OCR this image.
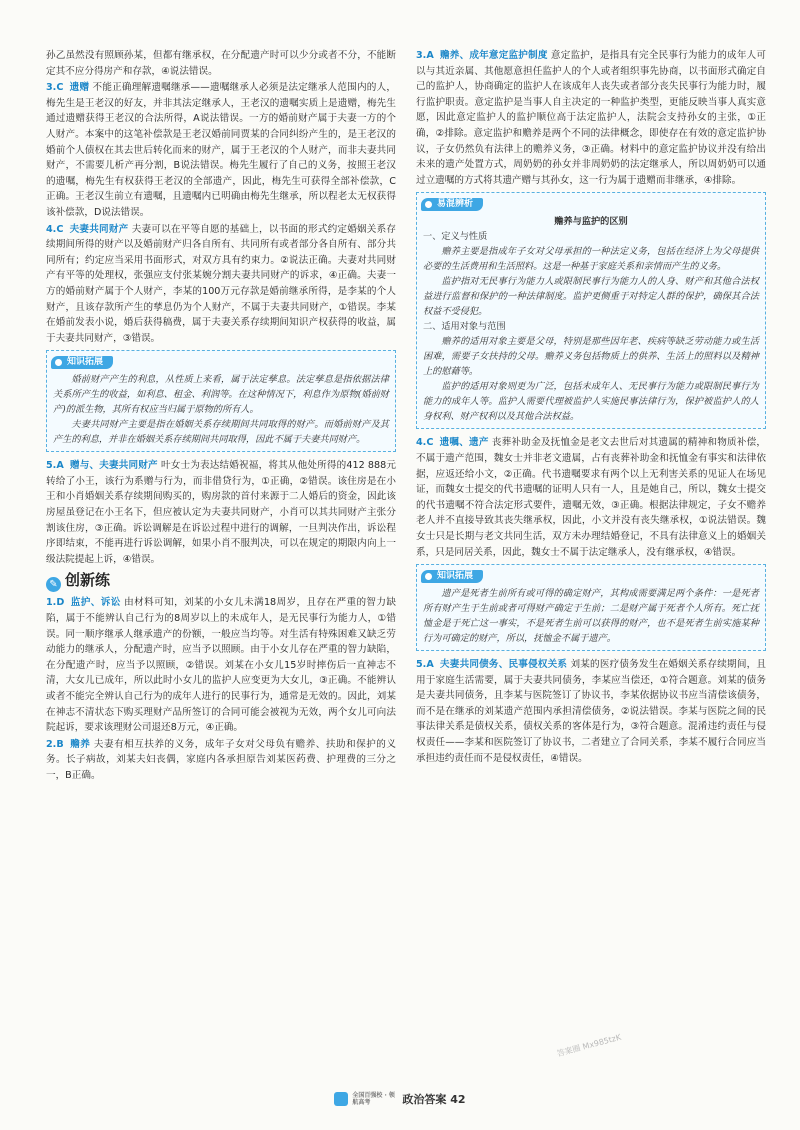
孙乙虽然没有照顾孙某，但都有继承权，在分配遗产时可以少分或者不分，不能断定其不应分得房产和存款，④说法错误。

3.C 遗赠 不能正确理解遗嘱继承——遗嘱继承人必须是法定继承人范围内的人，梅先生是王老汉的好友，并非其法定继承人，王老汉的遗嘱实质上是遗赠，梅先生通过遗赠获得王老汉的合法所得，A说法错误。一方的婚前财产属于夫妻一方的个人财产。本案中的这笔补偿款是王老汉婚前同贾某的合同纠纷产生的，是王老汉的婚前个人债权在其去世后转化而来的财产，属于王老汉的个人财产，而非夫妻共同财产，不需要儿析产再分割，B说法错误。梅先生履行了自己的义务，按照王老汉的遗嘱，梅先生有权获得王老汉的全部遗产，因此，梅先生可获得全部补偿款，C正确。王老汉生前立有遗嘱，且遗嘱内已明确由梅先生继承，所以程老太无权获得该补偿款，D说法错误。

4.C 夫妻共同财产 夫妻可以在平等自愿的基础上，以书面的形式约定婚姻关系存续期间所得的财产以及婚前财产归各自所有、共同所有或者部分各自所有、部分共同所有；约定应当采用书面形式，对双方具有约束力。②说法正确。夫妻对共同财产有平等的处理权，张强应支付张某婉分割夫妻共同财产的诉求，④正确。夫妻一方的婚前财产属于个人财产，李某的100万元存款是婚前继承所得，是李某的个人财产，且该存款所产生的孳息仍为个人财产，不属于夫妻共同财产，①错误。李某在婚前发表小说，婚后获得稿费，属于夫妻关系存续期间知识产权获得的收益，属于夫妻共同财产，③错误。

知识拓展

婚前财产产生的利息，从性质上来看，属于法定孳息。法定孳息是指依据法律关系所产生的收益，如利息、租金、利润等。在这种情况下，利息作为原物(婚前财产)的派生物，其所有权应当归属于原物的所有人。

夫妻共同财产主要是指在婚姻关系存续期间共同取得的财产。而婚前财产及其产生的利息，并非在婚姻关系存续期间共同取得，因此不属于夫妻共同财产。

5.A 赠与、夫妻共同财产 叶女士为表达结婚祝福，将其从他处所得的412 888元转给了小王，该行为系赠与行为，而非借贷行为，①正确，②错误。该住房是在小王和小肖婚姻关系存续期间购买的，购房款的首付来源于二人婚后的资金，因此该房屋虽登记在小王名下，但应被认定为夫妻共同财产，小肖可以其共同财产主张分割该住房，③正确。诉讼调解是在诉讼过程中进行的调解，一旦判决作出，诉讼程序即结束，不能再进行诉讼调解，如果小肖不服判决，可以在规定的期限内向上一级法院提起上诉，④错误。

✎ 创新练

1.D 监护、诉讼 由材料可知，刘某的小女儿未满18周岁，且存在严重的智力缺陷，属于不能辨认自己行为的8周岁以上的未成年人，是无民事行为能力人，①错误。同一顺序继承人继承遗产的份额，一般应当均等。对生活有特殊困难又缺乏劳动能力的继承人，分配遗产时，应当予以照顾。由于小女儿存在严重的智力缺陷，在分配遗产时，应当予以照顾，②错误。刘某在小女儿15岁时摔伤后一直神志不清，大女儿已成年，所以此时小女儿的监护人应变更为大女儿，③正确。不能辨认或者不能完全辨认自己行为的成年人进行的民事行为，通常是无效的。因此，刘某在神志不清状态下购买理财产品所签订的合同可能会被视为无效，两个女儿可向法院起诉，要求该理财公司退还8万元，④正确。

2.B 赡养 夫妻有相互扶养的义务，成年子女对父母负有赡养、扶助和保护的义务。长子病故，刘某夫妇丧偶，家庭内各承担原告刘某医药费、护理费的三分之一，B正确。

3.A 赡养、成年意定监护制度 意定监护，是指具有完全民事行为能力的成年人可以与其近亲属、其他愿意担任监护人的个人或者组织事先协商，以书面形式确定自己的监护人，协商确定的监护人在该成年人丧失或者部分丧失民事行为能力时，履行监护职责。意定监护是当事人自主决定的一种监护类型，更能反映当事人真实意愿，因此意定监护人的监护顺位高于法定监护人，法院会支持孙女的主张，①正确，②排除。意定监护和赡养是两个不同的法律概念，即使存在有效的意定监护协议，子女仍然负有法律上的赡养义务，③正确。材料中的意定监护协议并没有给出未来的遗产处置方式，周奶奶的孙女并非周奶奶的法定继承人，所以周奶奶可以通过立遗嘱的方式将其遗产赠与其孙女，这一行为属于遗赠而非继承，④排除。

易混辨析

赡养与监护的区别

一、定义与性质

赡养主要是指成年子女对父母承担的一种法定义务，包括在经济上为父母提供必要的生活费用和生活照料。这是一种基于家庭关系和亲情而产生的义务。

监护指对无民事行为能力人或限制民事行为能力人的人身、财产和其他合法权益进行监督和保护的一种法律制度。监护更侧重于对特定人群的保护，确保其合法权益不受侵犯。

二、适用对象与范围

赡养的适用对象主要是父母，特别是那些因年老、疾病等缺乏劳动能力或生活困难，需要子女扶持的父母。赡养义务包括物质上的供养、生活上的照料以及精神上的慰藉等。

监护的适用对象则更为广泛，包括未成年人、无民事行为能力或限制民事行为能力的成年人等。监护人需要代理被监护人实施民事法律行为，保护被监护人的人身权利、财产权利以及其他合法权益。

4.C 遗嘱、遗产 丧葬补助金及抚恤金是老文去世后对其遗属的精神和物质补偿，不属于遗产范围，魏女士并非老文遗属，占有丧葬补助金和抚恤金有事实和法律依据，应返还给小文，②正确。代书遗嘱要求有两个以上无利害关系的见证人在场见证，而魏女士提交的代书遗嘱的证明人只有一人，且是她自己，所以，魏女士提交的代书遗嘱不符合法定形式要件，遗嘱无效，③正确。根据法律规定，子女不赡养老人并不直接导致其丧失继承权，因此，小文并没有丧失继承权，①说法错误。魏女士只是长期与老文共同生活，双方未办理结婚登记，不具有法律意义上的婚姻关系，只是同居关系，因此，魏女士不属于法定继承人，没有继承权，④错误。

知识拓展

遗产是死者生前所有或可得的确定财产，其构成需要满足两个条件：一是死者所有财产生于生前或者可得财产确定于生前；二是财产属于死者个人所有。死亡抚恤金是于死亡这一事实，不是死者生前可以获得的财产，也不是死者生前实施某种行为可确定的财产，所以，抚恤金不属于遗产。

5.A 夫妻共同债务、民事侵权关系 刘某的医疗债务发生在婚姻关系存续期间，且用于家庭生活需要，属于夫妻共同债务，李某应当偿还，①符合题意。刘某的债务是夫妻共同债务，且李某与医院签订了协议书，李某依据协议书应当清偿该债务，而不是在继承的刘某遗产范围内承担清偿债务，②说法错误。李某与医院之间的民事法律关系是债权关系，债权关系的客体是行为，③符合题意。混淆违约责任与侵权责任——李某和医院签订了协议书，二者建立了合同关系，李某不履行合同应当承担违约责任而不是侵权责任，④错误。

答案圈 Mx985tzK
全国百强校 · 领航高考	政治答案 42
